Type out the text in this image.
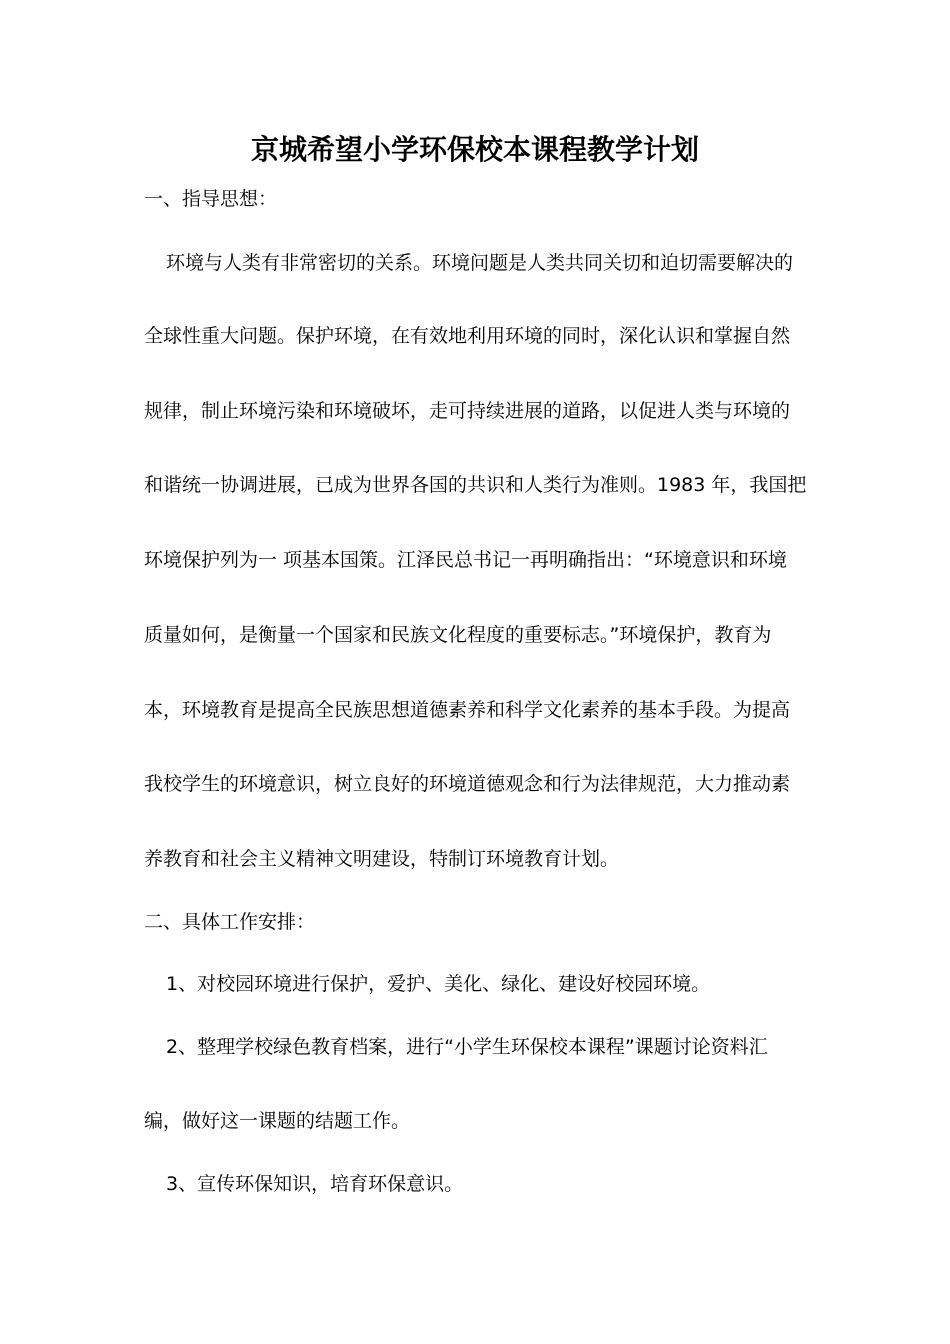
京城希望小学环保校本课程教学计划
一、指导思想：
环境与人类有非常密切的关系。环境问题是人类共同关切和迫切需要解决的
全球性重大问题。保护环境，在有效地利用环境的同时，深化认识和掌握自然
规律，制止环境污染和环境破坏，走可持续进展的道路，以促进人类与环境的
和谐统一协调进展，已成为世界各国的共识和人类行为准则。1983 年，我国把
环境保护列为一 项基本国策。江泽民总书记一再明确指出：“环境意识和环境
质量如何，是衡量一个国家和民族文化程度的重要标志。”环境保护，教育为
本，环境教育是提高全民族思想道德素养和科学文化素养的基本手段。为提高
我校学生的环境意识，树立良好的环境道德观念和行为法律规范，大力推动素
养教育和社会主义精神文明建设，特制订环境教育计划。
二、具体工作安排：
1、对校园环境进行保护，爱护、美化、绿化、建设好校园环境。
2、整理学校绿色教育档案，进行“小学生环保校本课程”课题讨论资料汇
编，做好这一课题的结题工作。
3、宣传环保知识，培育环保意识。
